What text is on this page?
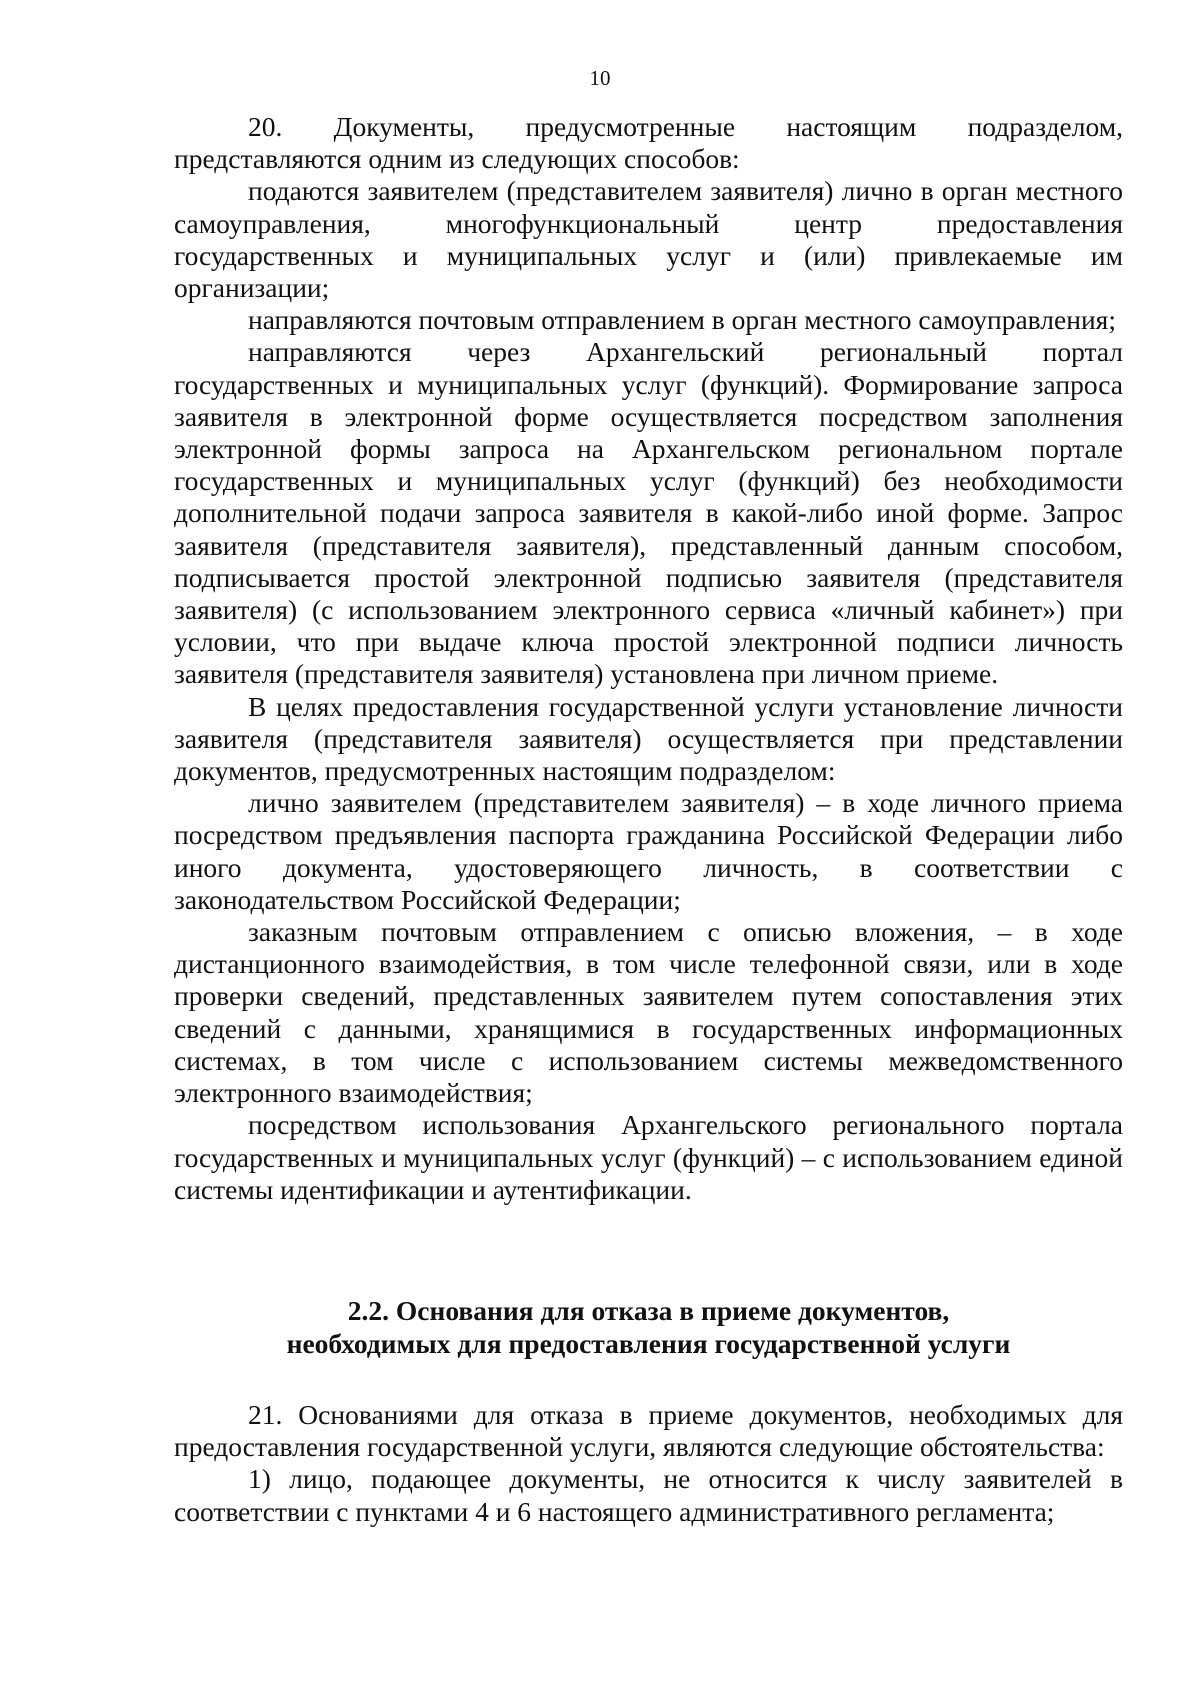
10

20. Документы, предусмотренные настоящим подразделом, представляются одним из следующих способов:

подаются заявителем (представителем заявителя) лично в орган местного самоуправления, многофункциональный центр предоставления государственных и муниципальных услуг и (или) привлекаемые им организации;

направляются почтовым отправлением в орган местного самоуправления;

направляются через Архангельский региональный портал государственных и муниципальных услуг (функций). Формирование запроса заявителя в электронной форме осуществляется посредством заполнения электронной формы запроса на Архангельском региональном портале государственных и муниципальных услуг (функций) без необходимости дополнительной подачи запроса заявителя в какой-либо иной форме. Запрос заявителя (представителя заявителя), представленный данным способом, подписывается простой электронной подписью заявителя (представителя заявителя) (с использованием электронного сервиса «личный кабинет») при условии, что при выдаче ключа простой электронной подписи личность заявителя (представителя заявителя) установлена при личном приеме.

В целях предоставления государственной услуги установление личности заявителя (представителя заявителя) осуществляется при представлении документов, предусмотренных настоящим подразделом:

лично заявителем (представителем заявителя) – в ходе личного приема посредством предъявления паспорта гражданина Российской Федерации либо иного документа, удостоверяющего личность, в соответствии с законодательством Российской Федерации;

заказным почтовым отправлением с описью вложения, – в ходе дистанционного взаимодействия, в том числе телефонной связи, или в ходе проверки сведений, представленных заявителем путем сопоставления этих сведений с данными, хранящимися в государственных информационных системах, в том числе с использованием системы межведомственного электронного взаимодействия;

посредством использования Архангельского регионального портала государственных и муниципальных услуг (функций) – с использованием единой системы идентификации и аутентификации.

2.2. Основания для отказа в приеме документов,
необходимых для предоставления государственной услуги

21. Основаниями для отказа в приеме документов, необходимых для предоставления государственной услуги, являются следующие обстоятельства:

1) лицо, подающее документы, не относится к числу заявителей в соответствии с пунктами 4 и 6 настоящего административного регламента;
